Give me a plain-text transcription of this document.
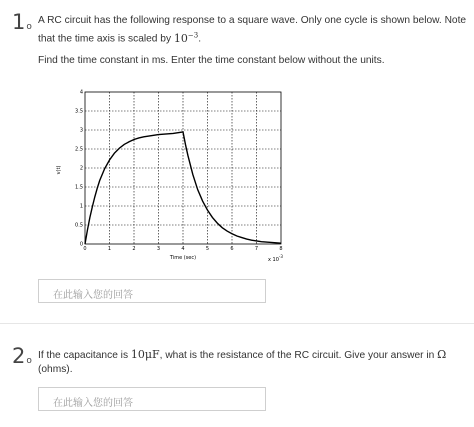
1o
A RC circuit has the following response to a square wave. Only one cycle is shown below. Note
that the time axis is scaled by $10^{-3}$.
Find the time constant in ms. Enter the time constant below without the units.
0	1	2	3	4	5	6	7	8
0
0.5
1
1.5
2
2.5
3
3.5
4
Time (sec)	x $10^{-3}$
v(t)
在此输入您的回答
2o If the capacitance is 10μF, what is the resistance of the RC circuit. Give your answer in Ω
(ohms).
在此输入您的回答
